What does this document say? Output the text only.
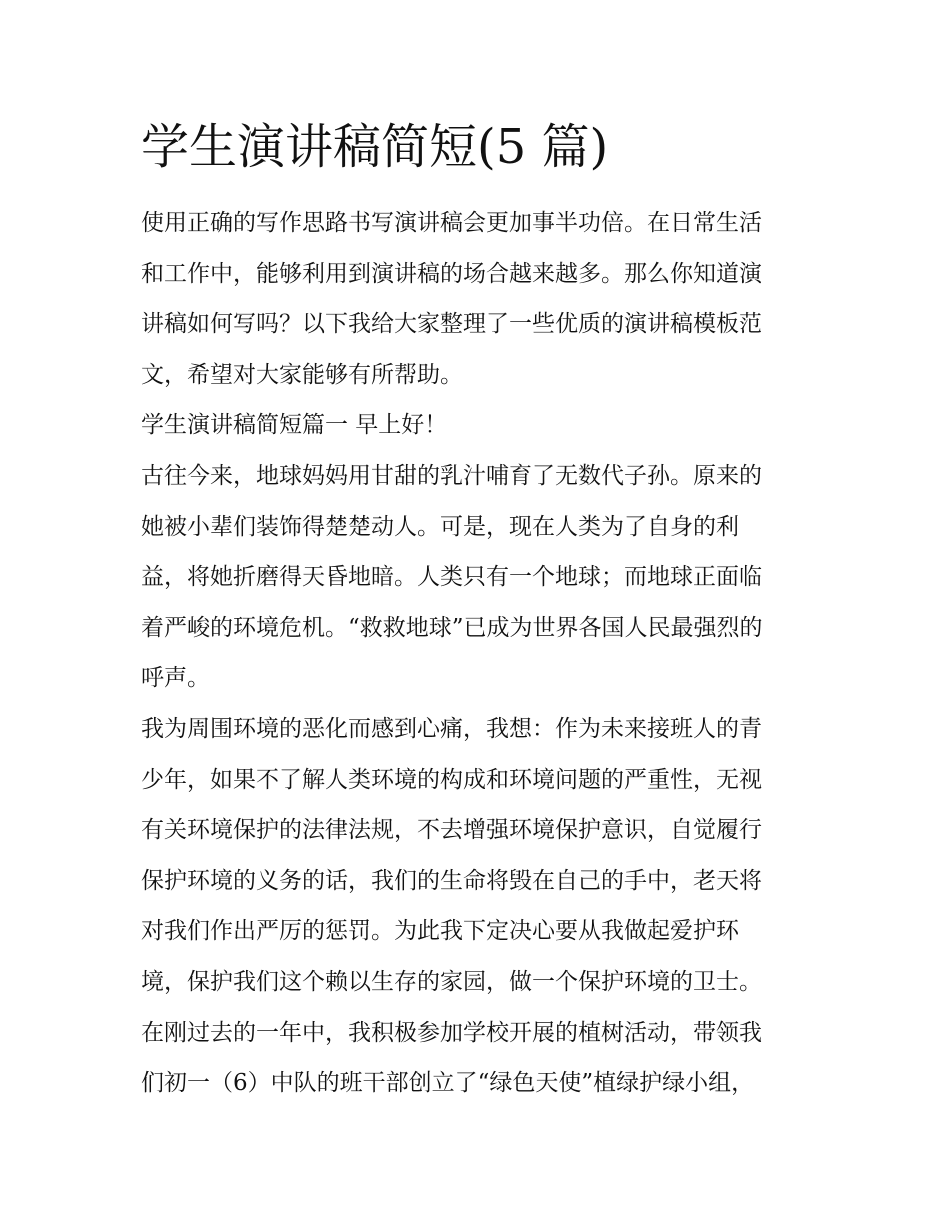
学生演讲稿简短(5 篇)
使用正确的写作思路书写演讲稿会更加事半功倍。在日常生活
和工作中，能够利用到演讲稿的场合越来越多。那么你知道演
讲稿如何写吗？以下我给大家整理了一些优质的演讲稿模板范
文，希望对大家能够有所帮助。
学生演讲稿简短篇一 早上好！
古往今来，地球妈妈用甘甜的乳汁哺育了无数代子孙。原来的
她被小辈们装饰得楚楚动人。可是，现在人类为了自身的利
益，将她折磨得天昏地暗。人类只有一个地球；而地球正面临
着严峻的环境危机。“救救地球”已成为世界各国人民最强烈的
呼声。
我为周围环境的恶化而感到心痛，我想：作为未来接班人的青
少年，如果不了解人类环境的构成和环境问题的严重性，无视
有关环境保护的法律法规，不去增强环境保护意识，自觉履行
保护环境的义务的话，我们的生命将毁在自己的手中，老天将
对我们作出严厉的惩罚。为此我下定决心要从我做起爱护环
境，保护我们这个赖以生存的家园，做一个保护环境的卫士。
在刚过去的一年中，我积极参加学校开展的植树活动，带领我
们初一（6）中队的班干部创立了“绿色天使”植绿护绿小组，
